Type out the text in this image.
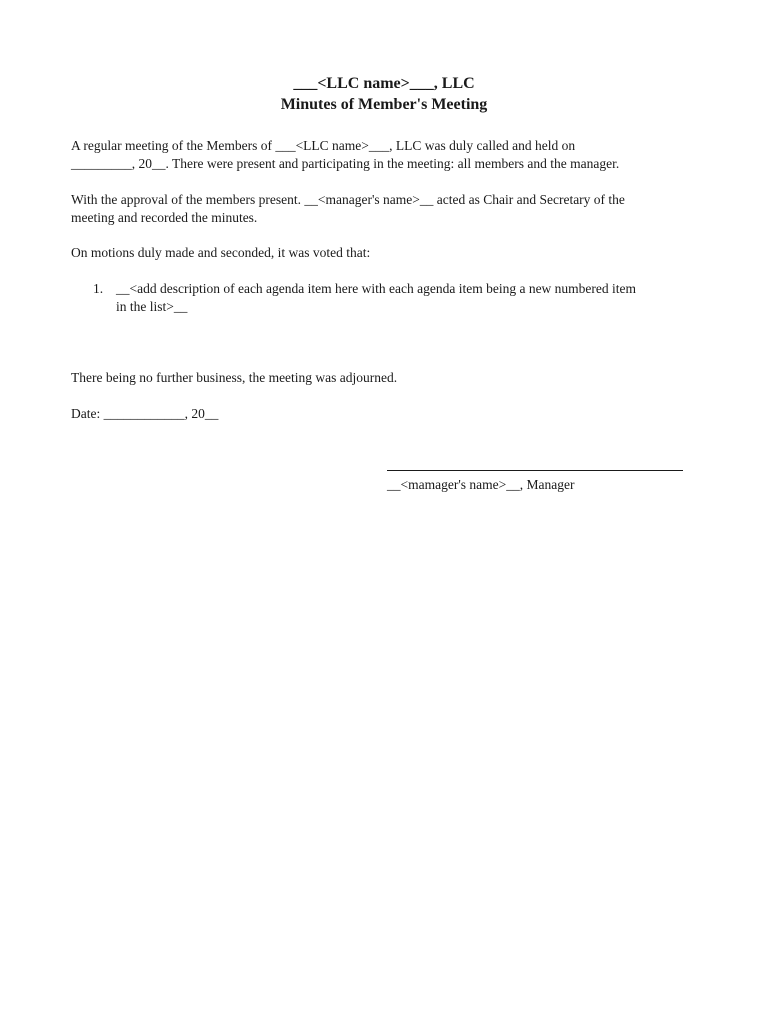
___<LLC name>___, LLC
Minutes of Member's Meeting

A regular meeting of the Members of ___<LLC name>___, LLC was duly called and held on
_________, 20__. There were present and participating in the meeting: all members and the manager.

With the approval of the members present. __<manager's name>__ acted as Chair and Secretary of the
meeting and recorded the minutes.

On motions duly made and seconded, it was voted that:

1. __<add description of each agenda item here with each agenda item being a new numbered item
in the list>__

There being no further business, the meeting was adjourned.

Date: ____________, 20__

__<mamager's name>__, Manager
